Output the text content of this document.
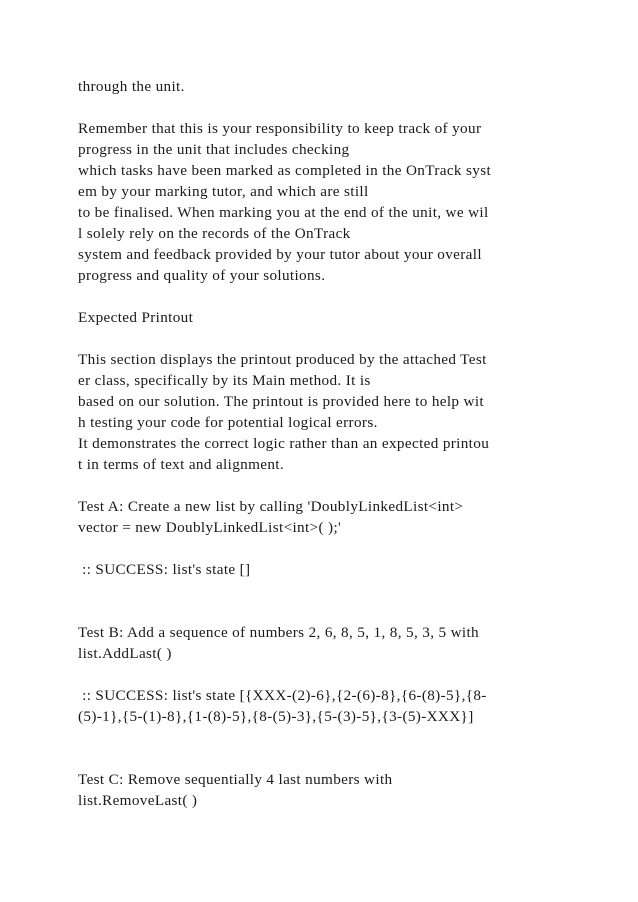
through the unit.
Remember that this is your responsibility to keep track of your
progress in the unit that includes checking
which tasks have been marked as completed in the OnTrack syst
em by your marking tutor, and which are still
to be finalised. When marking you at the end of the unit, we wil
l solely rely on the records of the OnTrack
system and feedback provided by your tutor about your overall
progress and quality of your solutions.
Expected Printout
This section displays the printout produced by the attached Test
er class, specifically by its Main method. It is
based on our solution. The printout is provided here to help wit
h testing your code for potential logical errors.
It demonstrates the correct logic rather than an expected printou
t in terms of text and alignment.
Test A: Create a new list by calling 'DoublyLinkedList<int>
vector = new DoublyLinkedList<int>( );'
:: SUCCESS: list's state []
Test B: Add a sequence of numbers 2, 6, 8, 5, 1, 8, 5, 3, 5 with
list.AddLast( )
:: SUCCESS: list's state [{XXX-(2)-6},{2-(6)-8},{6-(8)-5},{8-
(5)-1},{5-(1)-8},{1-(8)-5},{8-(5)-3},{5-(3)-5},{3-(5)-XXX}]
Test C: Remove sequentially 4 last numbers with
list.RemoveLast( )
